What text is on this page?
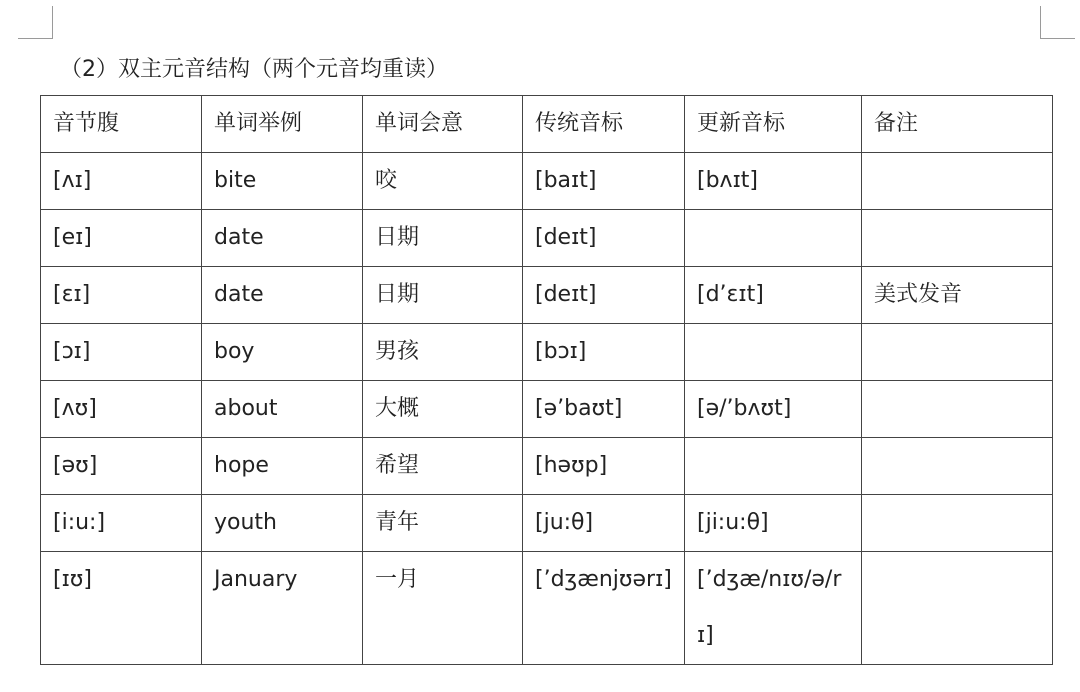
（2）双主元音结构（两个元音均重读）
音节腹	单词举例	单词会意	传统音标	更新音标	备注
[ʌɪ]	bite	咬	[baɪt]	[bʌɪt]	
[eɪ]	date	日期	[deɪt]		
[ɛɪ]	date	日期	[deɪt]	[d’ɛɪt]	美式发音
[ɔɪ]	boy	男孩	[bɔɪ]		
[ʌʊ]	about	大概	[ə’baʊt]	[ə/’bʌʊt]	
[əʊ]	hope	希望	[həʊp]		
[i:u:]	youth	青年	[ju:θ]	[ji:u:θ]	
[ɪʊ]	January	一月	[’dʒænjʊərɪ]	[’dʒæ/nɪʊ/ə/rɪ]	
